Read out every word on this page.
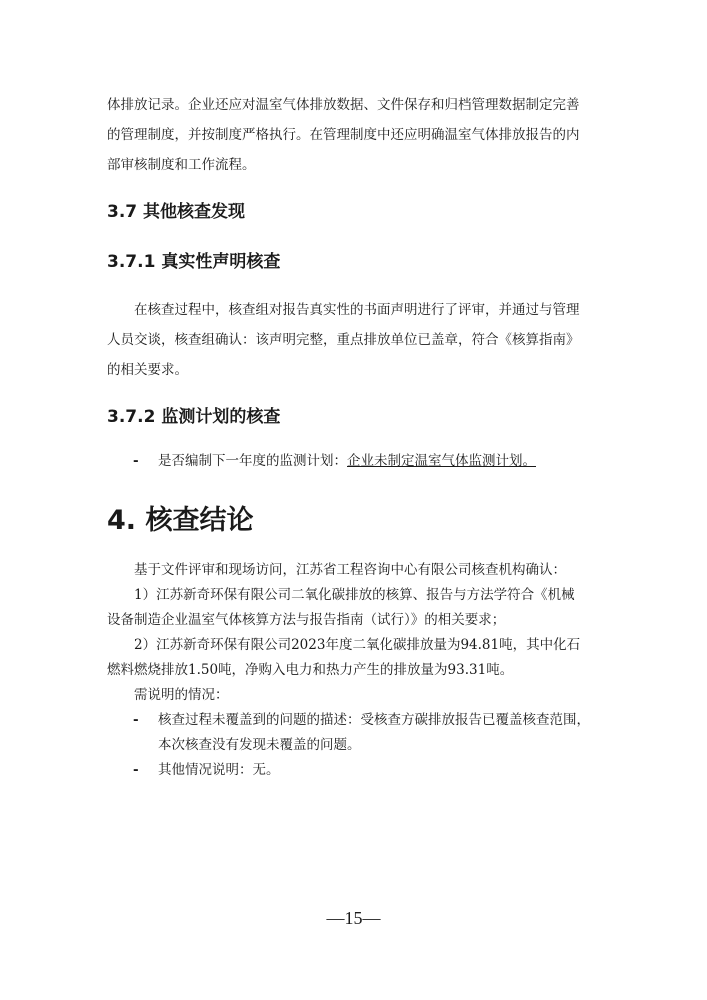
体排放记录。企业还应对温室气体排放数据、文件保存和归档管理数据制定完善
的管理制度，并按制度严格执行。在管理制度中还应明确温室气体排放报告的内
部审核制度和工作流程。
3.7 其他核查发现
3.7.1 真实性声明核查
在核查过程中，核查组对报告真实性的书面声明进行了评审，并通过与管理
人员交谈，核查组确认：该声明完整，重点排放单位已盖章，符合《核算指南》
的相关要求。
3.7.2 监测计划的核查
- 是否编制下一年度的监测计划：企业未制定温室气体监测计划。
4. 核查结论
基于文件评审和现场访问，江苏省工程咨询中心有限公司核查机构确认：
1）江苏新奇环保有限公司二氧化碳排放的核算、报告与方法学符合《机械
设备制造企业温室气体核算方法与报告指南（试行）》的相关要求；
2）江苏新奇环保有限公司2023年度二氧化碳排放量为94.81吨，其中化石
燃料燃烧排放1.50吨，净购入电力和热力产生的排放量为93.31吨。
需说明的情况：
- 核查过程未覆盖到的问题的描述：受核查方碳排放报告已覆盖核查范围，
本次核查没有发现未覆盖的问题。
- 其他情况说明：无。
—15—
